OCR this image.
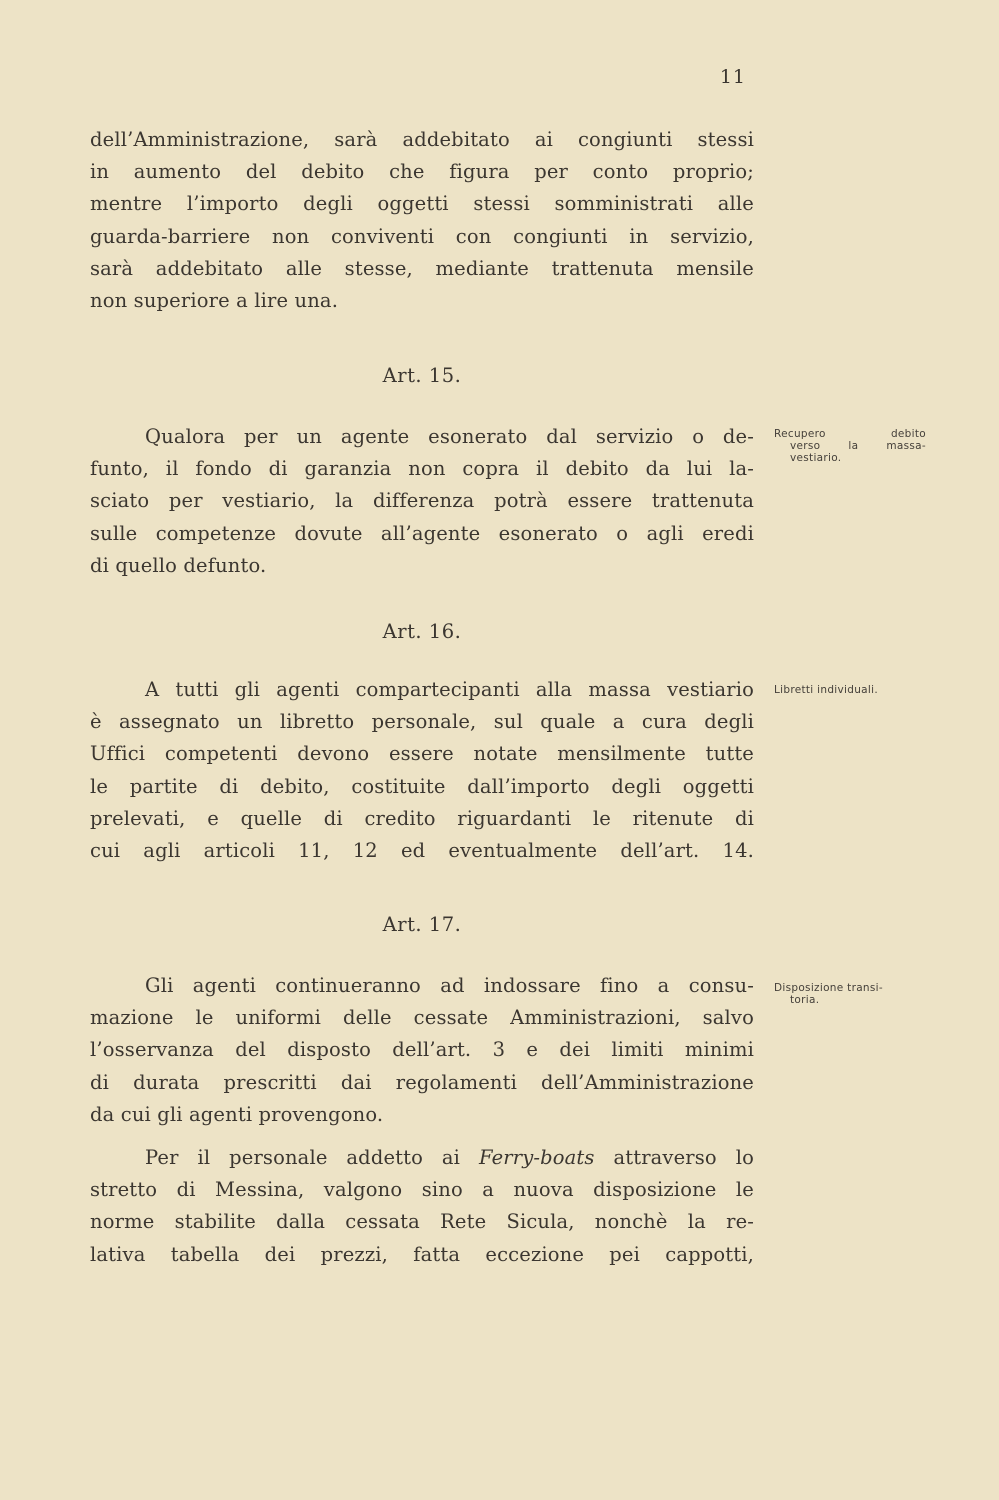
11
dell’Amministrazione, sarà addebitato ai congiunti stessi
in aumento del debito che figura per conto proprio;
mentre l’importo degli oggetti stessi somministrati alle
guarda-barriere non conviventi con congiunti in servizio,
sarà addebitato alle stesse, mediante trattenuta mensile
non superiore a lire una.
Art. 15.
Qualora per un agente esonerato dal servizio o de-
funto, il fondo di garanzia non copra il debito da lui la-
sciato per vestiario, la differenza potrà essere trattenuta
sulle competenze dovute all’agente esonerato o agli eredi
di quello defunto.
Recupero debito
verso la massa-
vestiario.
Art. 16.
A tutti gli agenti compartecipanti alla massa vestiario
è assegnato un libretto personale, sul quale a cura degli
Uffici competenti devono essere notate mensilmente tutte
le partite di debito, costituite dall’importo degli oggetti
prelevati, e quelle di credito riguardanti le ritenute di
cui agli articoli 11, 12 ed eventualmente dell’art. 14.
Libretti individuali.
Art. 17.
Gli agenti continueranno ad indossare fino a consu-
mazione le uniformi delle cessate Amministrazioni, salvo
l’osservanza del disposto dell’art. 3 e dei limiti minimi
di durata prescritti dai regolamenti dell’Amministrazione
da cui gli agenti provengono.
Disposizione transi-
toria.
Per il personale addetto ai Ferry-boats attraverso lo
stretto di Messina, valgono sino a nuova disposizione le
norme stabilite dalla cessata Rete Sicula, nonchè la re-
lativa tabella dei prezzi, fatta eccezione pei cappotti,
